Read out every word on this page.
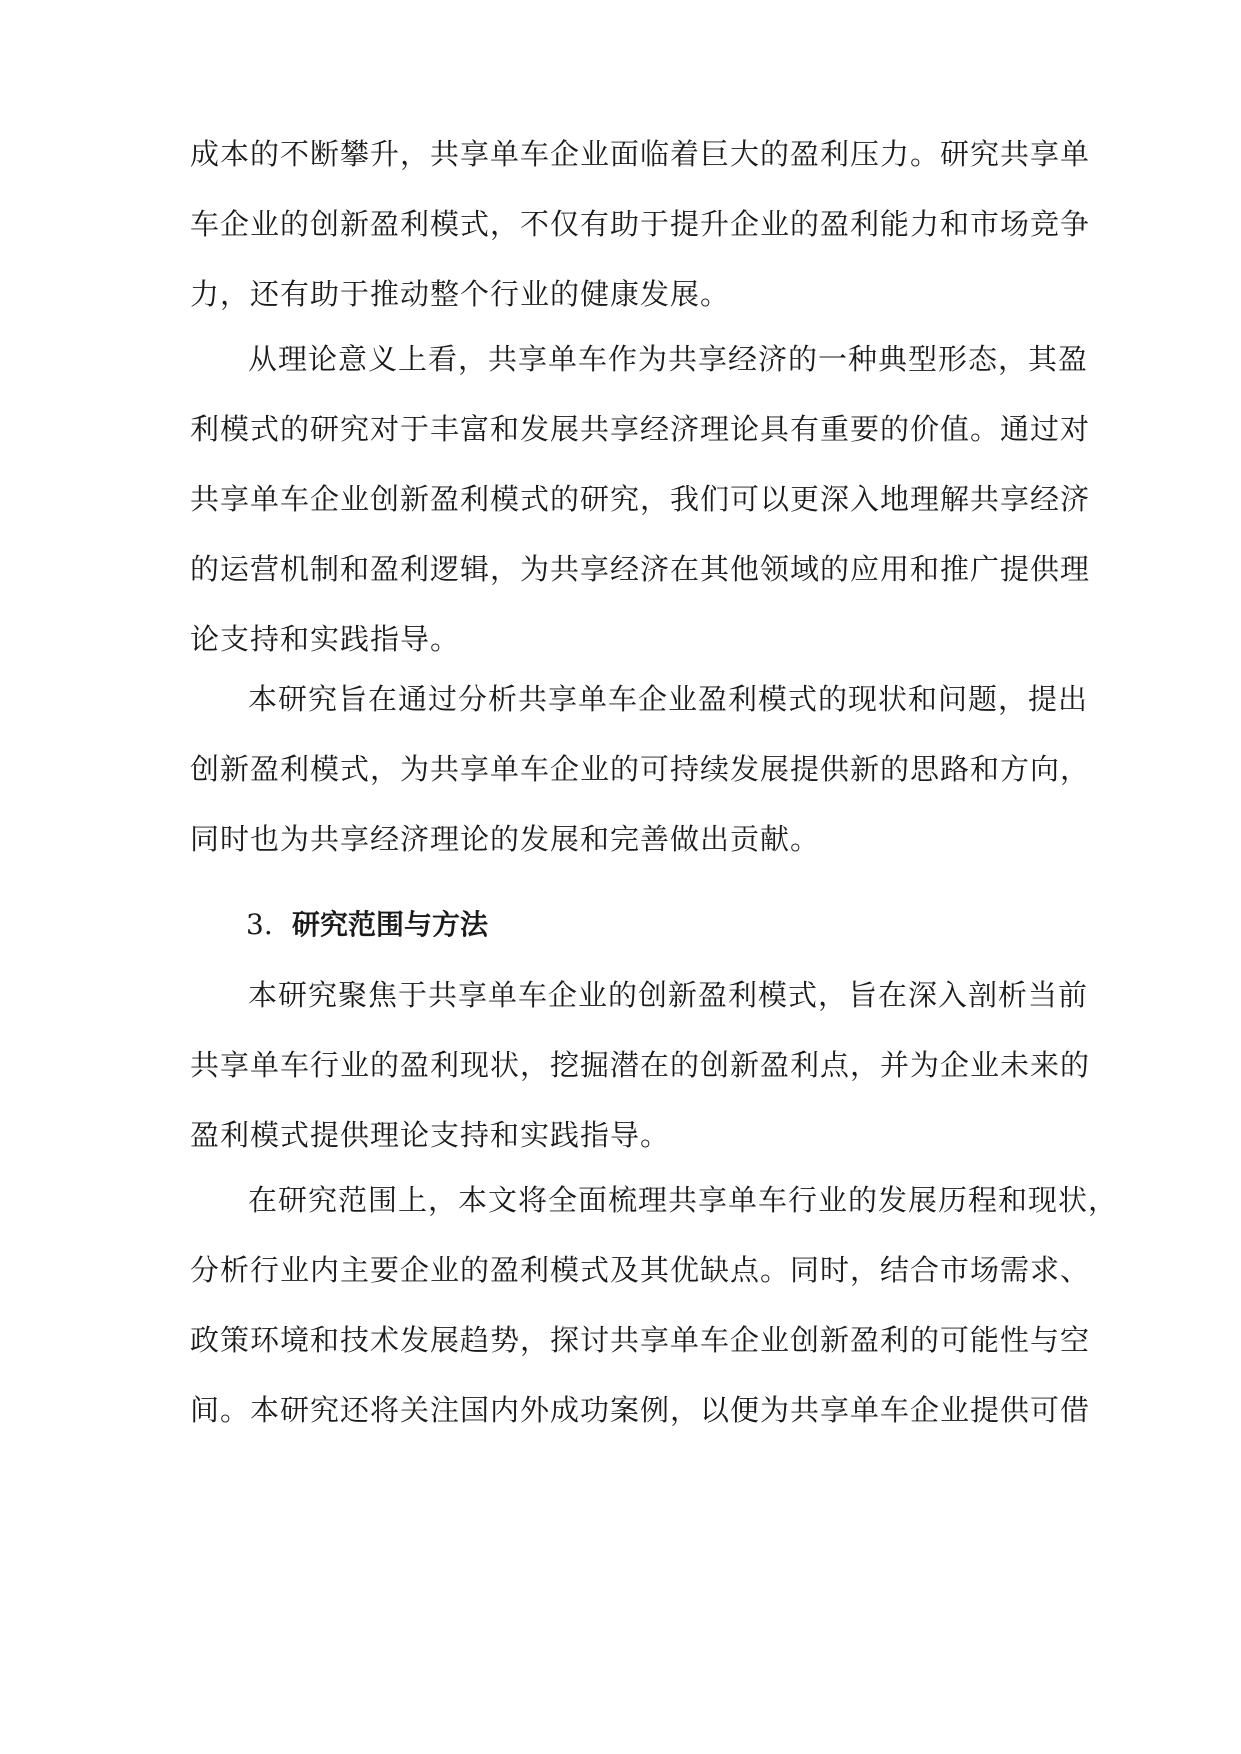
成本的不断攀升，共享单车企业面临着巨大的盈利压力。研究共享单
车企业的创新盈利模式，不仅有助于提升企业的盈利能力和市场竞争
力，还有助于推动整个行业的健康发展。
从理论意义上看，共享单车作为共享经济的一种典型形态，其盈
利模式的研究对于丰富和发展共享经济理论具有重要的价值。通过对
共享单车企业创新盈利模式的研究，我们可以更深入地理解共享经济
的运营机制和盈利逻辑，为共享经济在其他领域的应用和推广提供理
论支持和实践指导。
本研究旨在通过分析共享单车企业盈利模式的现状和问题，提出
创新盈利模式，为共享单车企业的可持续发展提供新的思路和方向，
同时也为共享经济理论的发展和完善做出贡献。
3. 研究范围与方法
本研究聚焦于共享单车企业的创新盈利模式，旨在深入剖析当前
共享单车行业的盈利现状，挖掘潜在的创新盈利点，并为企业未来的
盈利模式提供理论支持和实践指导。
在研究范围上，本文将全面梳理共享单车行业的发展历程和现状，
分析行业内主要企业的盈利模式及其优缺点。同时，结合市场需求、
政策环境和技术发展趋势，探讨共享单车企业创新盈利的可能性与空
间。本研究还将关注国内外成功案例，以便为共享单车企业提供可借
